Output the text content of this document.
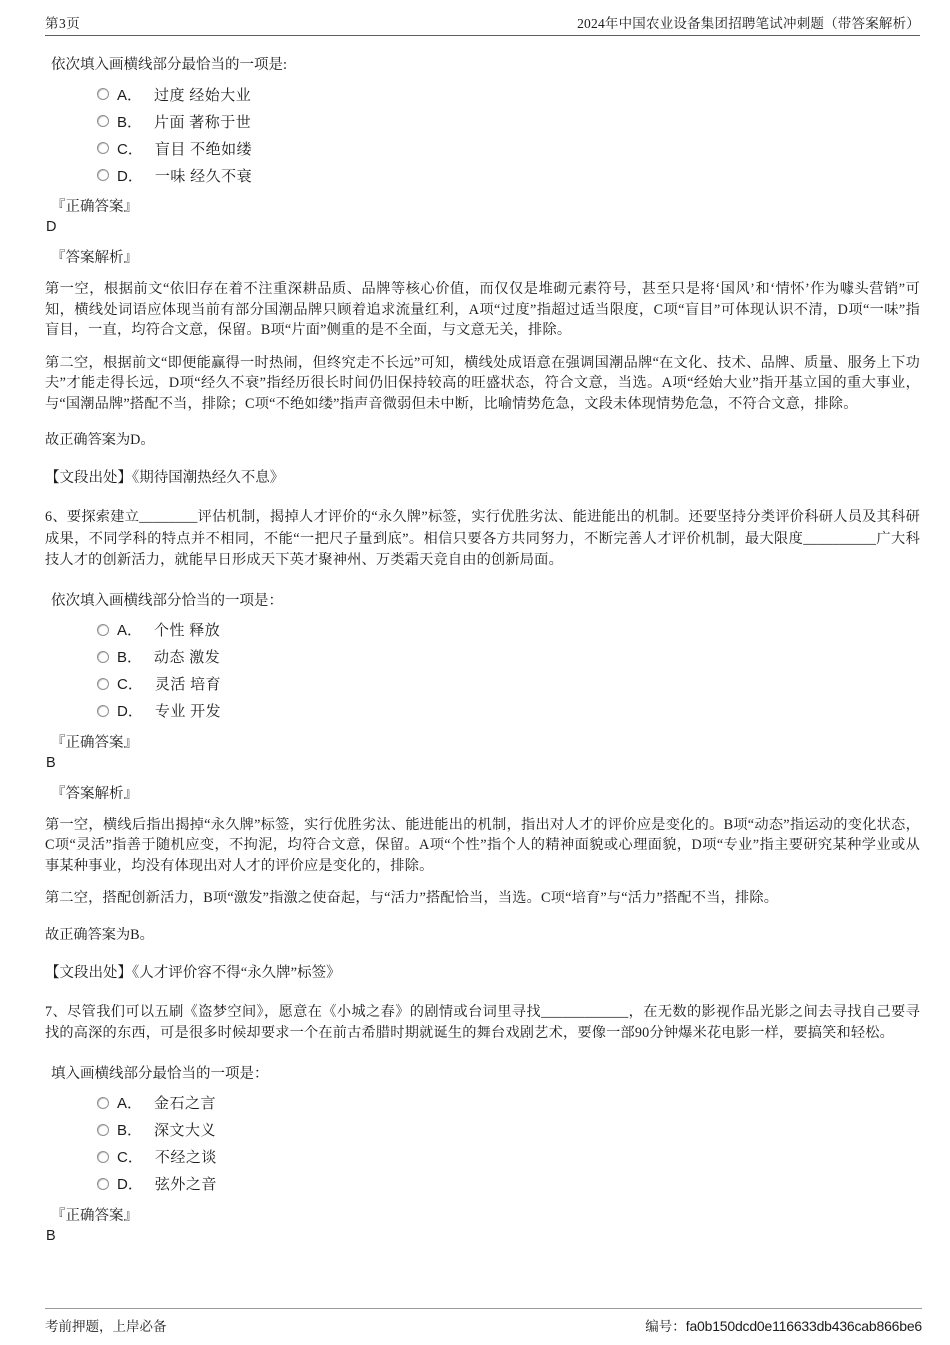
第3页	2024年中国农业设备集团招聘笔试冲刺题（带答案解析）
依次填入画横线部分最恰当的一项是:
A． 过度 经始大业
B． 片面 著称于世
C． 盲目 不绝如缕
D． 一味 经久不衰
『正确答案』
D
『答案解析』
第一空，根据前文“依旧存在着不注重深耕品质、品牌等核心价值，而仅仅是堆砌元素符号，甚至只是将‘国风’和‘情怀’作为噱头营销”可知，横线处词语应体现当前有部分国潮品牌只顾着追求流量红利，A项“过度”指超过适当限度，C项“盲目”可体现认识不清，D项“一味”指盲目，一直，均符合文意，保留。B项“片面”侧重的是不全面，与文意无关，排除。
第二空，根据前文“即便能赢得一时热闹，但终究走不长远”可知，横线处成语意在强调国潮品牌“在文化、技术、品牌、质量、服务上下功夫”才能走得长远，D项“经久不衰”指经历很长时间仍旧保持较高的旺盛状态，符合文意，当选。A项“经始大业”指开基立国的重大事业，与“国潮品牌”搭配不当，排除；C项“不绝如缕”指声音微弱但未中断，比喻情势危急，文段未体现情势危急，不符合文意，排除。
故正确答案为D。
【文段出处】《期待国潮热经久不息》
6、要探索建立________评估机制，揭掉人才评价的“永久牌”标签，实行优胜劣汰、能进能出的机制。还要坚持分类评价科研人员及其科研成果，不同学科的特点并不相同，不能“一把尺子量到底”。相信只要各方共同努力，不断完善人才评价机制，最大限度__________广大科技人才的创新活力，就能早日形成天下英才聚神州、万类霜天竞自由的创新局面。
依次填入画横线部分恰当的一项是：
A． 个性 释放
B． 动态 激发
C． 灵活 培育
D． 专业 开发
『正确答案』
B
『答案解析』
第一空，横线后指出揭掉“永久牌”标签，实行优胜劣汰、能进能出的机制，指出对人才的评价应是变化的。B项“动态”指运动的变化状态，C项“灵活”指善于随机应变，不拘泥，均符合文意，保留。A项“个性”指个人的精神面貌或心理面貌，D项“专业”指主要研究某种学业或从事某种事业，均没有体现出对人才的评价应是变化的，排除。
第二空，搭配创新活力，B项“激发”指激之使奋起，与“活力”搭配恰当，当选。C项“培育”与“活力”搭配不当，排除。
故正确答案为B。
【文段出处】《人才评价容不得“永久牌”标签》
7、尽管我们可以五刷《盗梦空间》，愿意在《小城之春》的剧情或台词里寻找____________，在无数的影视作品光影之间去寻找自己要寻找的高深的东西，可是很多时候却要求一个在前古希腊时期就诞生的舞台戏剧艺术，要像一部90分钟爆米花电影一样，要搞笑和轻松。
填入画横线部分最恰当的一项是：
A． 金石之言
B． 深文大义
C． 不经之谈
D． 弦外之音
『正确答案』
B
考前押题，上岸必备	编号：fa0b150dcd0e116633db436cab866be6
